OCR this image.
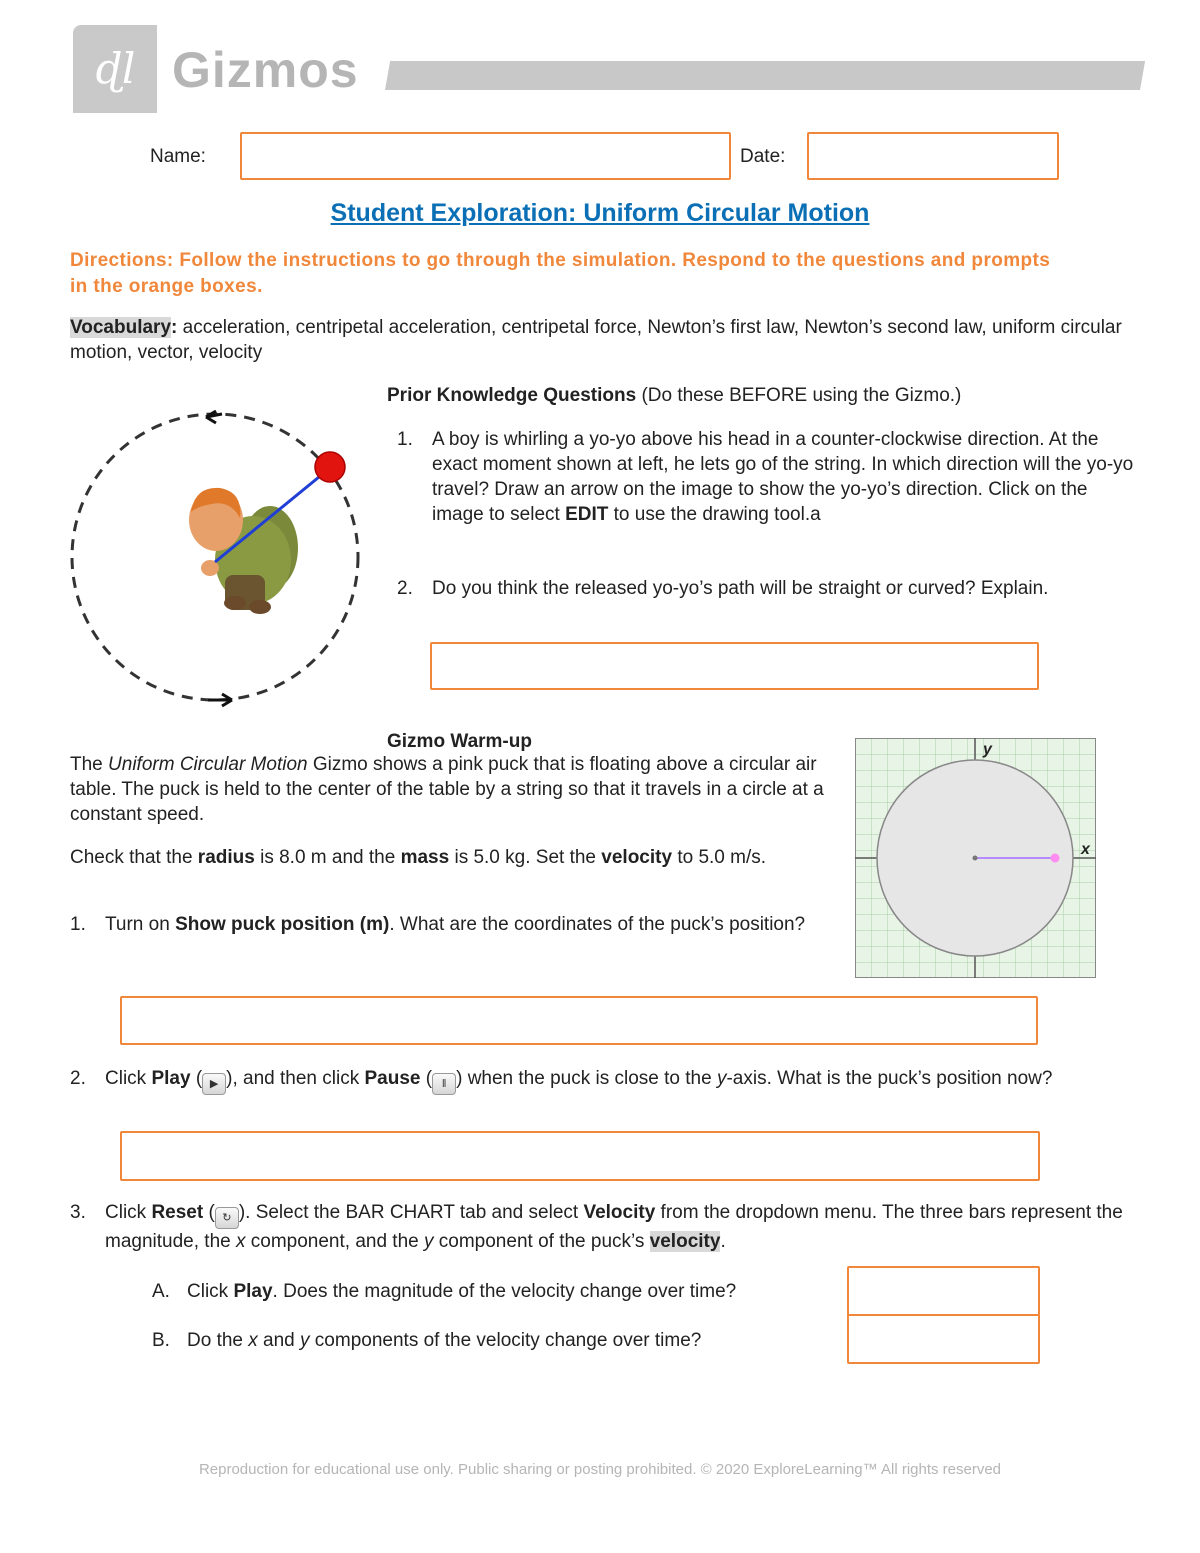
ɖl Gizmos
Name:	Date:
Student Exploration: Uniform Circular Motion
Directions: Follow the instructions to go through the simulation. Respond to the questions and prompts in the orange boxes.
Vocabulary: acceleration, centripetal acceleration, centripetal force, Newton’s first law, Newton’s second law, uniform circular motion, vector, velocity
Prior Knowledge Questions (Do these BEFORE using the Gizmo.)
1. A boy is whirling a yo-yo above his head in a counter-clockwise direction. At the exact moment shown at left, he lets go of the string. In which direction will the yo-yo travel? Draw an arrow on the image to show the yo-yo’s direction. Click on the image to select EDIT to use the drawing tool.a
2. Do you think the released yo-yo’s path will be straight or curved? Explain.
Gizmo Warm-up
The Uniform Circular Motion Gizmo shows a pink puck that is floating above a circular air table. The puck is held to the center of the table by a string so that it travels in a circle at a constant speed.
Check that the radius is 8.0 m and the mass is 5.0 kg. Set the velocity to 5.0 m/s.
y
x
1. Turn on Show puck position (m). What are the coordinates of the puck’s position?
2. Click Play ( ▶ ), and then click Pause ( ‖ ) when the puck is close to the y-axis. What is the puck’s position now?
3. Click Reset ( ↻ ). Select the BAR CHART tab and select Velocity from the dropdown menu. The three bars represent the magnitude, the x component, and the y component of the puck’s velocity.
A. Click Play. Does the magnitude of the velocity change over time?
B. Do the x and y components of the velocity change over time?
Reproduction for educational use only. Public sharing or posting prohibited. © 2020 ExploreLearning™ All rights reserved
